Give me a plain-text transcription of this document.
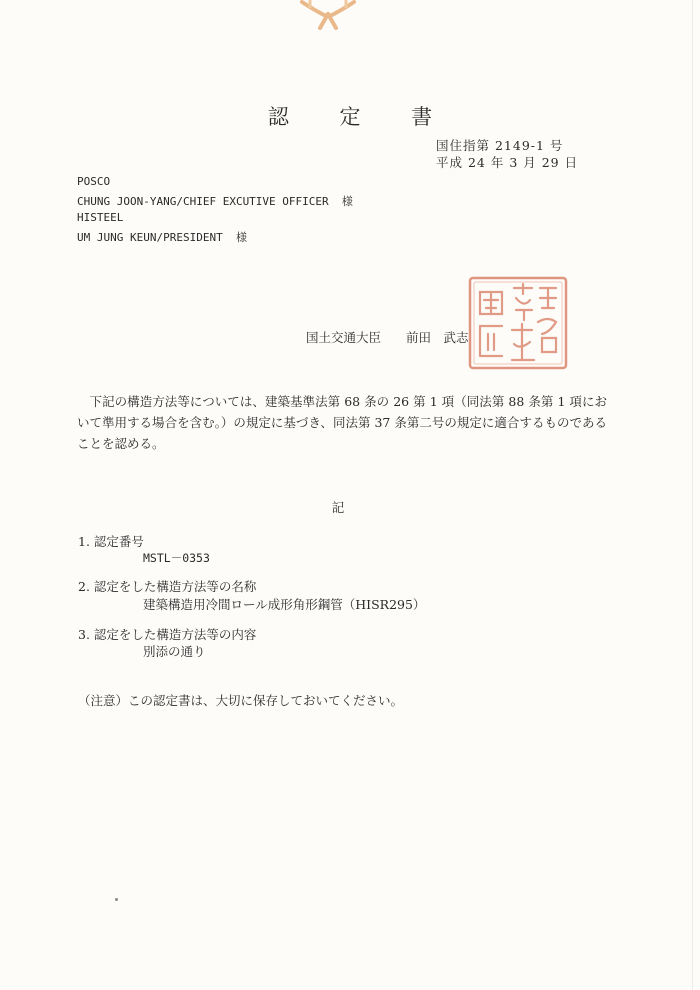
認 定 書
国住指第 2149-1 号
平成 24 年 3 月 29 日
POSCO
CHUNG JOON-YANG/CHIEF EXCUTIVE OFFICER  様
HISTEEL
UM JUNG KEUN/PRESIDENT  様
国土交通大臣　　前田　武志
　下記の構造方法等については、建築基準法第 68 条の 26 第 1 項（同法第 88 条第 1 項において準用する場合を含む。）の規定に基づき、同法第 37 条第二号の規定に適合するものであることを認める。
記
1. 認定番号
MSTL－0353
2. 認定をした構造方法等の名称
建築構造用冷間ロール成形角形鋼管（HISR295）
3. 認定をした構造方法等の内容
別添の通り
（注意）この認定書は、大切に保存しておいてください。
